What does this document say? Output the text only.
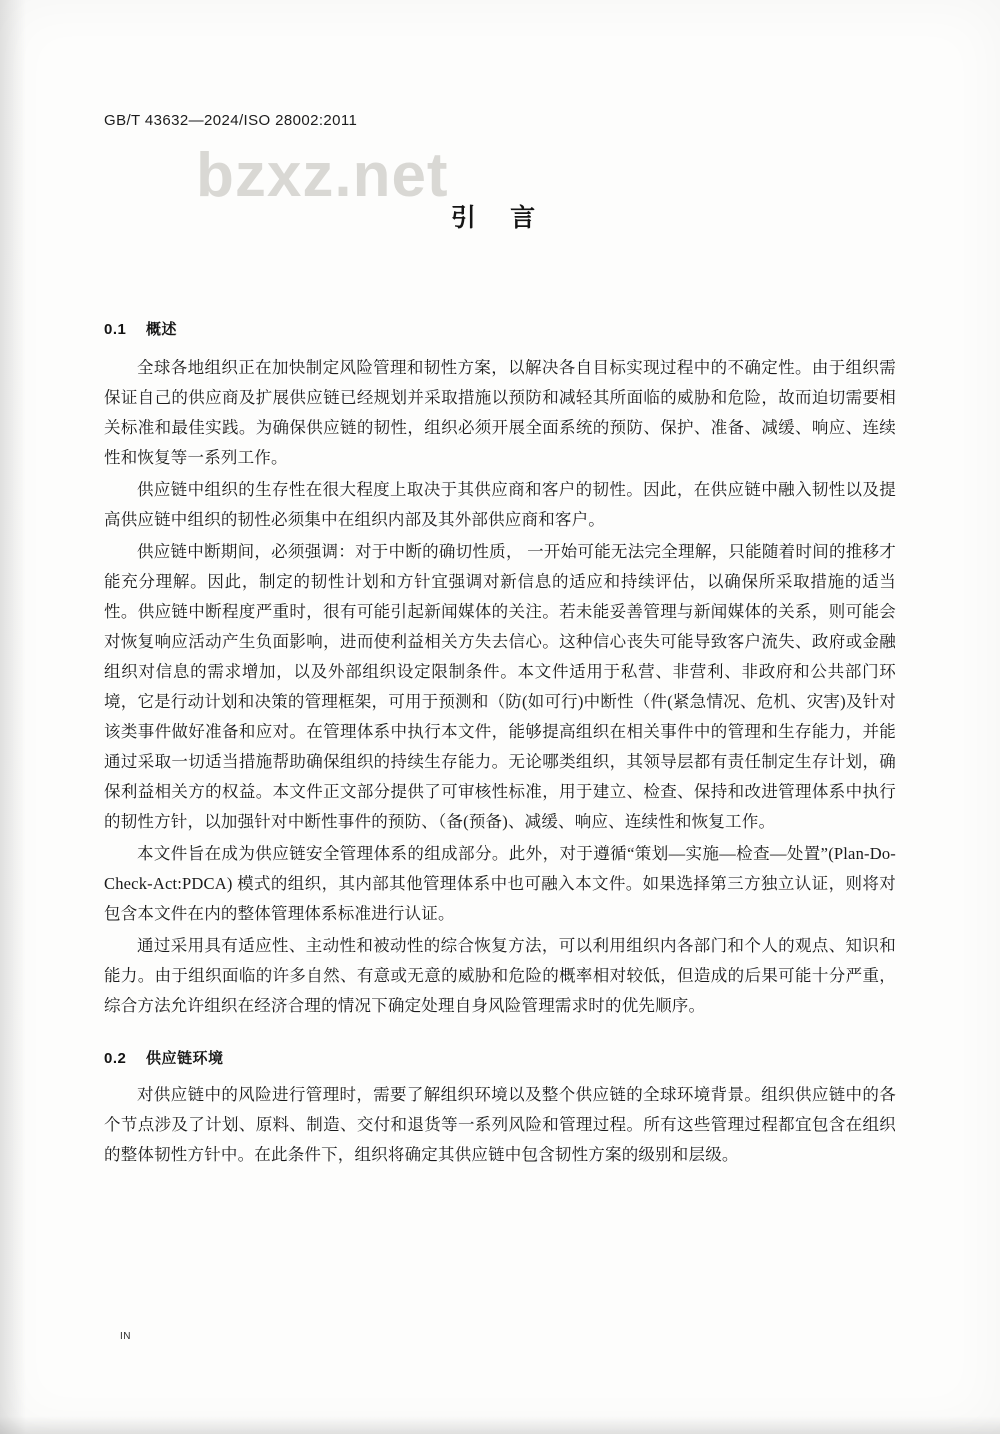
GB/T 43632—2024/ISO 28002:2011
bzxz.net
引 言
0.1 概述

全球各地组织正在加快制定风险管理和韧性方案，以解决各自目标实现过程中的不确定性。由于组织需保证自己的供应商及扩展供应链已经规划并采取措施以预防和减轻其所面临的威胁和危险，故而迫切需要相关标准和最佳实践。为确保供应链的韧性，组织必须开展全面系统的预防、保护、准备、减缓、响应、连续性和恢复等一系列工作。

供应链中组织的生存性在很大程度上取决于其供应商和客户的韧性。因此，在供应链中融入韧性以及提高供应链中组织的韧性必须集中在组织内部及其外部供应商和客户。

供应链中断期间，必须强调：对于中断的确切性质， 一开始可能无法完全理解，只能随着时间的推移才能充分理解。因此，制定的韧性计划和方针宜强调对新信息的适应和持续评估，以确保所采取措施的适当性。供应链中断程度严重时，很有可能引起新闻媒体的关注。若未能妥善管理与新闻媒体的关系，则可能会对恢复响应活动产生负面影响，进而使利益相关方失去信心。这种信心丧失可能导致客户流失、政府或金融组织对信息的需求增加，以及外部组织设定限制条件。本文件适用于私营、非营利、非政府和公共部门环境，它是行动计划和决策的管理框架，可用于预测和（防(如可行)中断性（件(紧急情况、危机、灾害)及针对该类事件做好准备和应对。在管理体系中执行本文件，能够提高组织在相关事件中的管理和生存能力，并能通过采取一切适当措施帮助确保组织的持续生存能力。无论哪类组织，其领导层都有责任制定生存计划，确保利益相关方的权益。本文件正文部分提供了可审核性标准，用于建立、检查、保持和改进管理体系中执行的韧性方针，以加强针对中断性事件的预防、（备(预备)、减缓、响应、连续性和恢复工作。

本文件旨在成为供应链安全管理体系的组成部分。此外，对于遵循“策划—实施—检查—处置”(Plan-Do-Check-Act:PDCA) 模式的组织，其内部其他管理体系中也可融入本文件。如果选择第三方独立认证，则将对包含本文件在内的整体管理体系标准进行认证。

通过采用具有适应性、主动性和被动性的综合恢复方法，可以利用组织内各部门和个人的观点、知识和能力。由于组织面临的许多自然、有意或无意的威胁和危险的概率相对较低，但造成的后果可能十分严重，综合方法允许组织在经济合理的情况下确定处理自身风险管理需求时的优先顺序。

0.2 供应链环境

对供应链中的风险进行管理时，需要了解组织环境以及整个供应链的全球环境背景。组织供应链中的各个节点涉及了计划、原料、制造、交付和退货等一系列风险和管理过程。所有这些管理过程都宜包含在组织的整体韧性方针中。在此条件下，组织将确定其供应链中包含韧性方案的级别和层级。

IN
